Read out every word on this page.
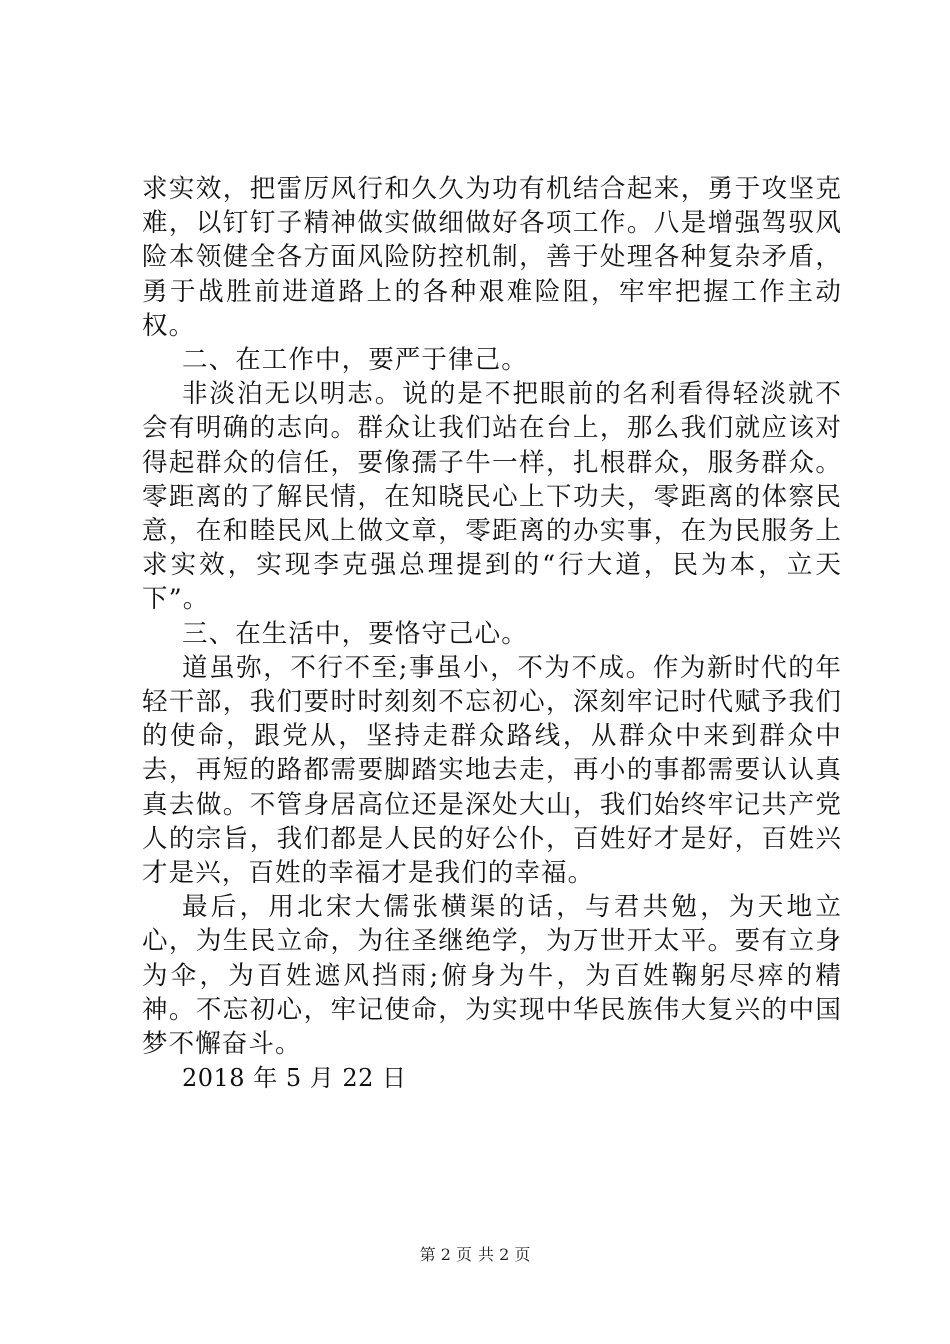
求实效，把雷厉风行和久久为功有机结合起来，勇于攻坚克难，以钉钉子精神做实做细做好各项工作。八是增强驾驭风险本领健全各方面风险防控机制，善于处理各种复杂矛盾，勇于战胜前进道路上的各种艰难险阻，牢牢把握工作主动权。

二、在工作中，要严于律己。

非淡泊无以明志。说的是不把眼前的名利看得轻淡就不会有明确的志向。群众让我们站在台上，那么我们就应该对得起群众的信任，要像孺子牛一样，扎根群众，服务群众。零距离的了解民情，在知晓民心上下功夫，零距离的体察民意，在和睦民风上做文章，零距离的办实事，在为民服务上求实效，实现李克强总理提到的“行大道，民为本，立天下”。

三、在生活中，要恪守己心。

道虽弥，不行不至;事虽小，不为不成。作为新时代的年轻干部，我们要时时刻刻不忘初心，深刻牢记时代赋予我们的使命，跟党从，坚持走群众路线，从群众中来到群众中去，再短的路都需要脚踏实地去走，再小的事都需要认认真真去做。不管身居高位还是深处大山，我们始终牢记共产党人的宗旨，我们都是人民的好公仆，百姓好才是好，百姓兴才是兴，百姓的幸福才是我们的幸福。

最后，用北宋大儒张横渠的话，与君共勉，为天地立心，为生民立命，为往圣继绝学，为万世开太平。要有立身为伞，为百姓遮风挡雨;俯身为牛，为百姓鞠躬尽瘁的精神。不忘初心，牢记使命，为实现中华民族伟大复兴的中国梦不懈奋斗。

2018 年 5 月 22 日

第 2 页 共 2 页
